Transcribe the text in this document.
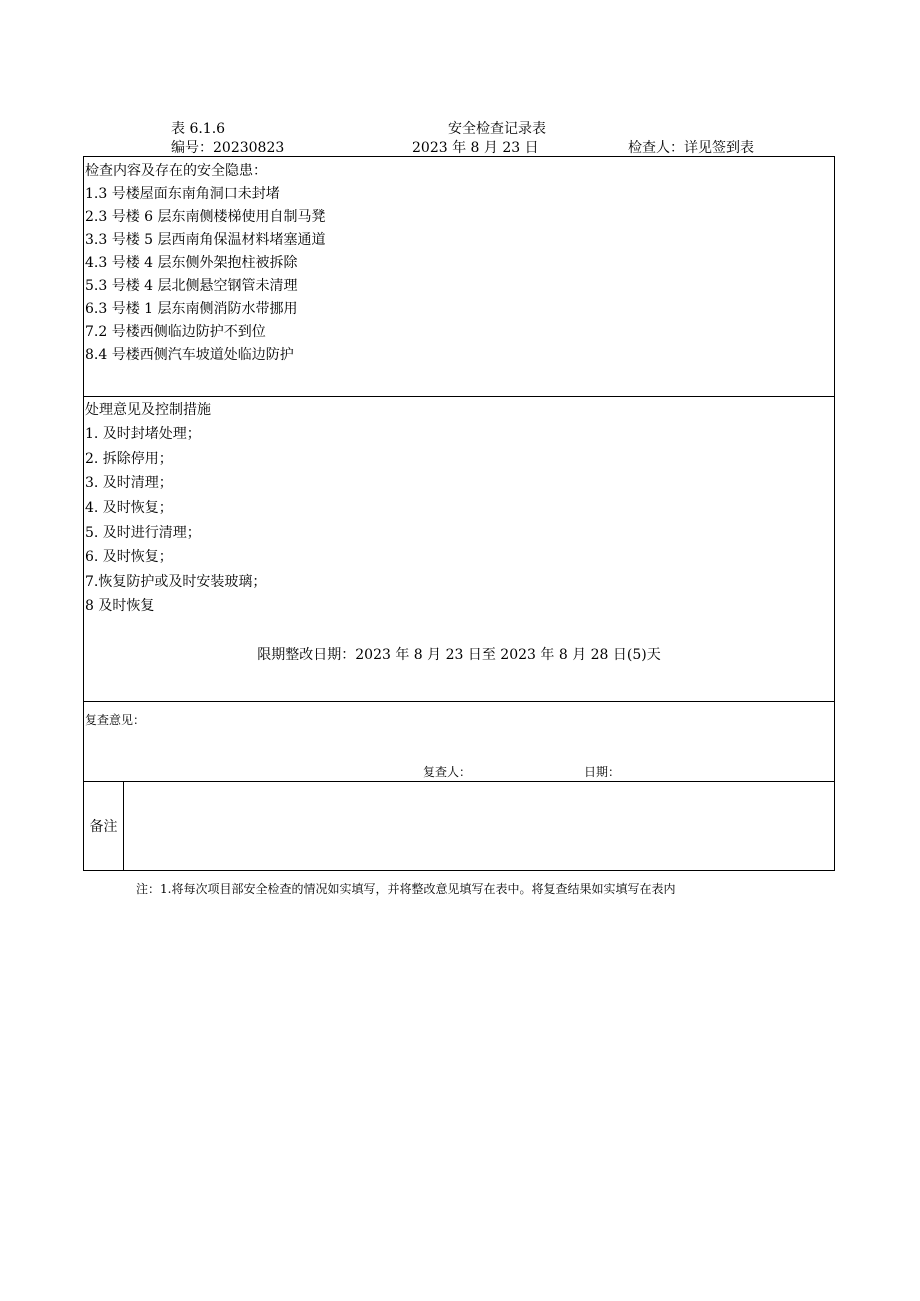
表 6.1.6	安全检查记录表
编号：20230823	2023 年 8 月 23 日	检查人：详见签到表
检查内容及存在的安全隐患：
1.3 号楼屋面东南角洞口未封堵
2.3 号楼 6 层东南侧楼梯使用自制马凳
3.3 号楼 5 层西南角保温材料堵塞通道
4.3 号楼 4 层东侧外架抱柱被拆除
5.3 号楼 4 层北侧悬空钢管未清理
6.3 号楼 1 层东南侧消防水带挪用
7.2 号楼西侧临边防护不到位
8.4 号楼西侧汽车坡道处临边防护
处理意见及控制措施
1. 及时封堵处理；
2. 拆除停用；
3. 及时清理；
4. 及时恢复；
5. 及时进行清理；
6. 及时恢复；
7.恢复防护或及时安装玻璃；
8 及时恢复
限期整改日期：2023 年 8 月 23 日至 2023 年 8 月 28 日(5)天
复查意见：
复查人：	日期：
备注
注：1.将每次项目部安全检查的情况如实填写，并将整改意见填写在表中。将复查结果如实填写在表内
